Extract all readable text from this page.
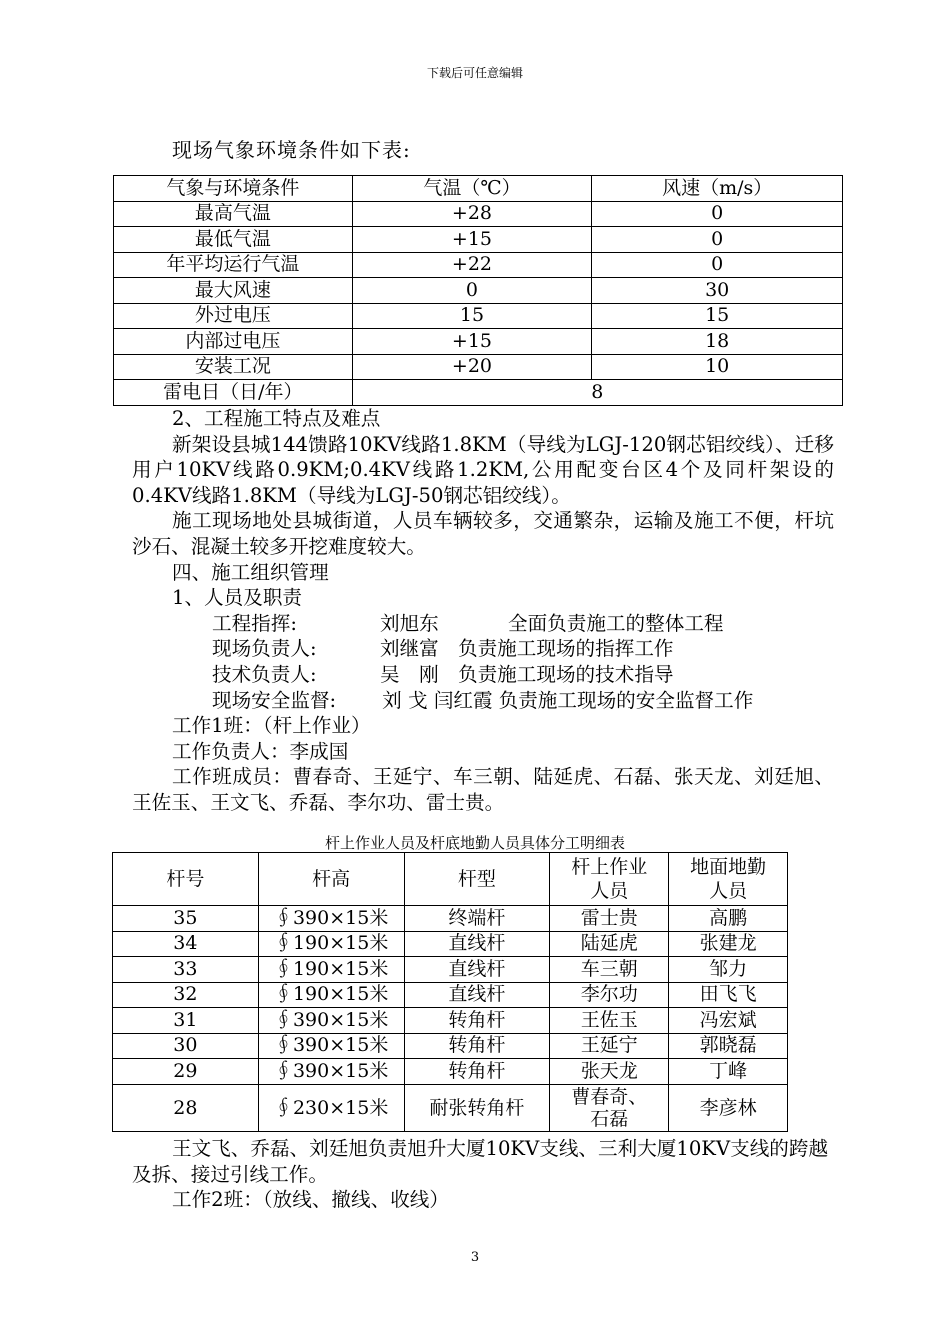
下载后可任意编辑
现场气象环境条件如下表:
气象与环境条件	气温（℃）	风速（m/s）
最高气温	+28	0
最低气温	+15	0
年平均运行气温	+22	0
最大风速	0	30
外过电压	15	15
内部过电压	+15	18
安装工况	+20	10
雷电日（日/年）	8	

2、工程施工特点及难点

新架设县城144馈路10KV线路1.8KM（导线为LGJ-120钢芯铝绞线）、迁移用户10KV线路0.9KM;0.4KV线路1.2KM,公用配变台区4个及同杆架设的0.4KV线路1.8KM（导线为LGJ-50钢芯铝绞线）。

施工现场地处县城街道，人员车辆较多，交通繁杂，运输及施工不便，杆坑沙石、混凝土较多开挖难度较大。

四、施工组织管理

1、人员及职责

工程指挥:	刘旭东	全面负责施工的整体工程

现场负责人:	刘继富 负责施工现场的指挥工作

技术负责人:	吴　刚 负责施工现场的技术指导

现场安全监督: 刘 戈 闫红霞 负责施工现场的安全监督工作

工作1班：（杆上作业）

工作负责人：李成国

工作班成员：曹春奇、王延宁、车三朝、陆延虎、石磊、张天龙、刘廷旭、王佐玉、王文飞、乔磊、李尔功、雷士贵。

杆上作业人员及杆底地勤人员具体分工明细表
杆号	杆高	杆型	杆上作业人员	地面地勤人员
35	∮390×15米	终端杆	雷士贵	高鹏
34	∮190×15米	直线杆	陆延虎	张建龙
33	∮190×15米	直线杆	车三朝	邹力
32	∮190×15米	直线杆	李尔功	田飞飞
31	∮390×15米	转角杆	王佐玉	冯宏斌
30	∮390×15米	转角杆	王延宁	郭晓磊
29	∮390×15米	转角杆	张天龙	丁峰
28	∮230×15米	耐张转角杆	曹春奇、石磊	李彦林

王文飞、乔磊、刘廷旭负责旭升大厦10KV支线、三利大厦10KV支线的跨越及拆、接过引线工作。

工作2班：（放线、撤线、收线）

3
